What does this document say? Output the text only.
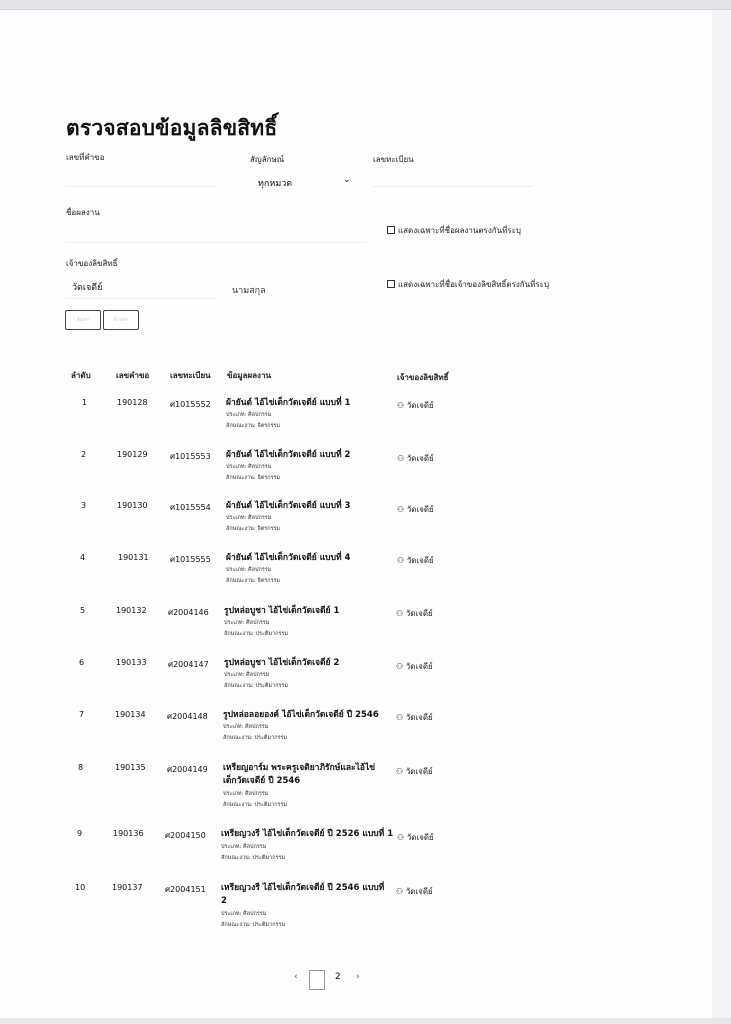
ตรวจสอบข้อมูลลิขสิทธิ์
เลขที่คำขอ	สัญลักษณ์
ทุกหมวด	⌄
เลขทะเบียน
ชื่อผลงาน
แสดงเฉพาะที่ชื่อผลงานตรงกันที่ระบุ
เจ้าของลิขสิทธิ์
วัดเจดีย์	นามสกุล
แสดงเฉพาะที่ชื่อเจ้าของลิขสิทธิ์ตรงกันที่ระบุ
ค้นหา	ล้างค่า
ลำดับ	เลขคำขอ	เลขทะเบียน ข้อมูลผลงาน	เจ้าของลิขสิทธิ์
1	190128	ศ1015552 ผ้ายันต์ ไอ้ไข่เด็กวัดเจดีย์ แบบที่ 1
ประเภท: ศิลปกรรม
ลักษณะงาน: จิตรกรรม
⚇ วัดเจดีย์
2	190129	ศ1015553 ผ้ายันต์ ไอ้ไข่เด็กวัดเจดีย์ แบบที่ 2
ประเภท: ศิลปกรรม
ลักษณะงาน: จิตรกรรม
⚇ วัดเจดีย์
3	190130	ศ1015554 ผ้ายันต์ ไอ้ไข่เด็กวัดเจดีย์ แบบที่ 3
ประเภท: ศิลปกรรม
ลักษณะงาน: จิตรกรรม
⚇ วัดเจดีย์
4	190131	ศ1015555 ผ้ายันต์ ไอ้ไข่เด็กวัดเจดีย์ แบบที่ 4
ประเภท: ศิลปกรรม
ลักษณะงาน: จิตรกรรม
⚇ วัดเจดีย์
5	190132	ศ2004146 รูปหล่อบูชา ไอ้ไข่เด็กวัดเจดีย์ 1
ประเภท: ศิลปกรรม
ลักษณะงาน: ประติมากรรม
⚇ วัดเจดีย์
6	190133	ศ2004147 รูปหล่อบูชา ไอ้ไข่เด็กวัดเจดีย์ 2
ประเภท: ศิลปกรรม
ลักษณะงาน: ประติมากรรม
⚇ วัดเจดีย์
7	190134	ศ2004148 รูปหล่อลอยองค์ ไอ้ไข่เด็กวัดเจดีย์ ปี 2546
ประเภท: ศิลปกรรม
ลักษณะงาน: ประติมากรรม
⚇ วัดเจดีย์
8	190135	ศ2004149 เหรียญอาร์ม พระครูเจติยาภิรักษ์และไอ้ไข่เด็กวัดเจดีย์ ปี 2546
ประเภท: ศิลปกรรม
ลักษณะงาน: ประติมากรรม
⚇ วัดเจดีย์
9	190136	ศ2004150 เหรียญวงรี ไอ้ไข่เด็กวัดเจดีย์ ปี 2526 แบบที่ 1
ประเภท: ศิลปกรรม
ลักษณะงาน: ประติมากรรม
⚇ วัดเจดีย์
10	190137	ศ2004151 เหรียญวงรี ไอ้ไข่เด็กวัดเจดีย์ ปี 2546 แบบที่ 2
ประเภท: ศิลปกรรม
ลักษณะงาน: ประติมากรรม
⚇ วัดเจดีย์
‹ 1 2 ›
